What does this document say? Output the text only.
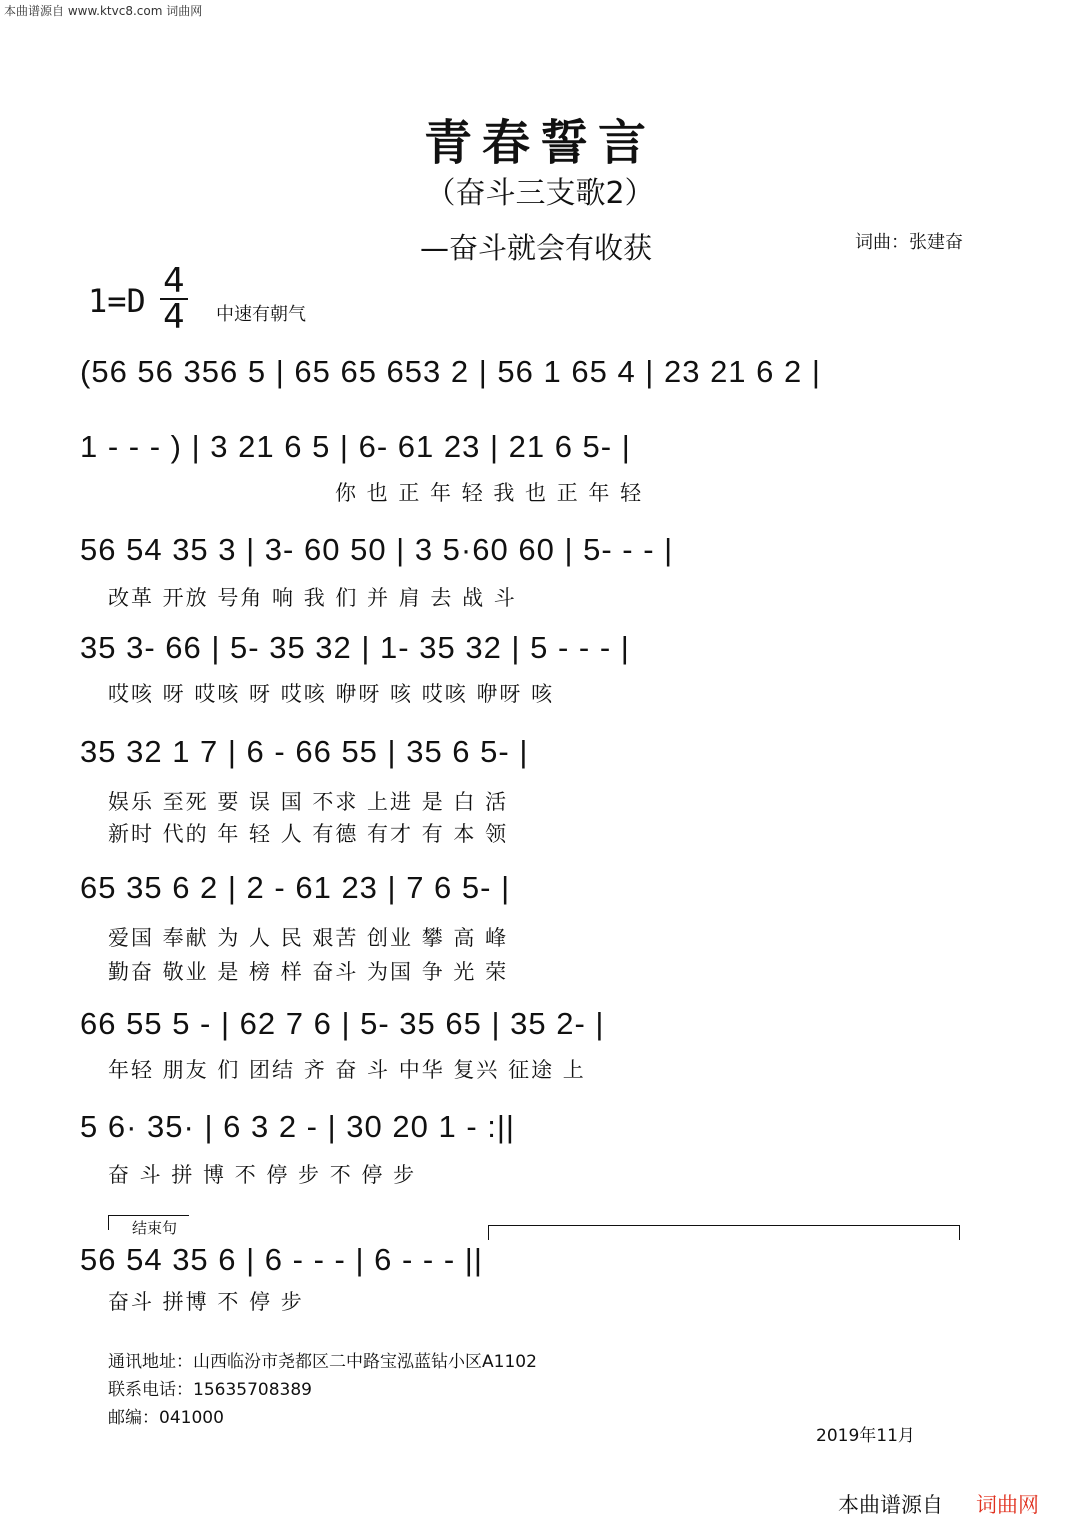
本曲谱源自 www.ktvc8.com 词曲网
青春誓言
（奋斗三支歌2）
—奋斗就会有收获	词曲：张建奋
1=D 4
4 中速有朝气
(56 56 356 5 | 65 65 653 2 | 56 1 65 4 | 23 21 6 2 |
1 - - - ) | 3 21 6 5 | 6- 61 23 | 21 6 5- |
你 也 正 年 轻 我 也 正 年 轻
56 54 35 3 | 3- 60 50 | 3 5·60 60 | 5- - - |
改革 开放 号角 响 我 们 并 肩 去 战 斗
35 3- 66 | 5- 35 32 | 1- 35 32 | 5 - - - |
哎咳 呀 哎咳 呀 哎咳 咿呀 咳 哎咳 咿呀 咳
35 32 1 7 | 6 - 66 55 | 35 6 5- |
娱乐 至死 要 误 国 不求 上进 是 白 活
新时 代的 年 轻 人 有德 有才 有 本 领
65 35 6 2 | 2 - 61 23 | 7 6 5- |
爱国 奉献 为 人 民 艰苦 创业 攀 高 峰
勤奋 敬业 是 榜 样 奋斗 为国 争 光 荣
66 55 5 - | 62 7 6 | 5- 35 65 | 35 2- |
年轻 朋友 们 团结 齐 奋 斗 中华 复兴 征途 上
5 6· 35· | 6 3 2 - | 30 20 1 - :||
奋 斗 拼 博 不 停 步 不 停 步
结束句
56 54 35 6 | 6 - - - | 6 - - - ||
奋斗 拼博 不 停 步
通讯地址：山西临汾市尧都区二中路宝泓蓝钻小区A1102
联系电话：15635708389
邮编：041000
2019年11月
本曲谱源自 词曲网
